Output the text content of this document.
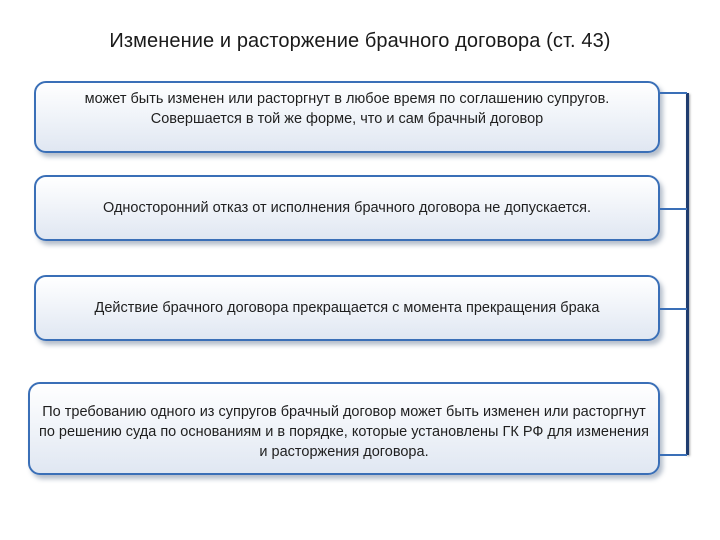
Изменение и расторжение брачного договора (ст. 43)
может быть изменен или расторгнут в любое время по соглашению супругов. Совершается в той же форме, что и сам брачный договор
Односторонний отказ от исполнения брачного договора не допускается.
Действие брачного договора прекращается с момента прекращения брака
По требованию одного из супругов брачный договор может быть изменен или расторгнут по решению суда по основаниям и в порядке, которые установлены ГК РФ для изменения и расторжения договора.
